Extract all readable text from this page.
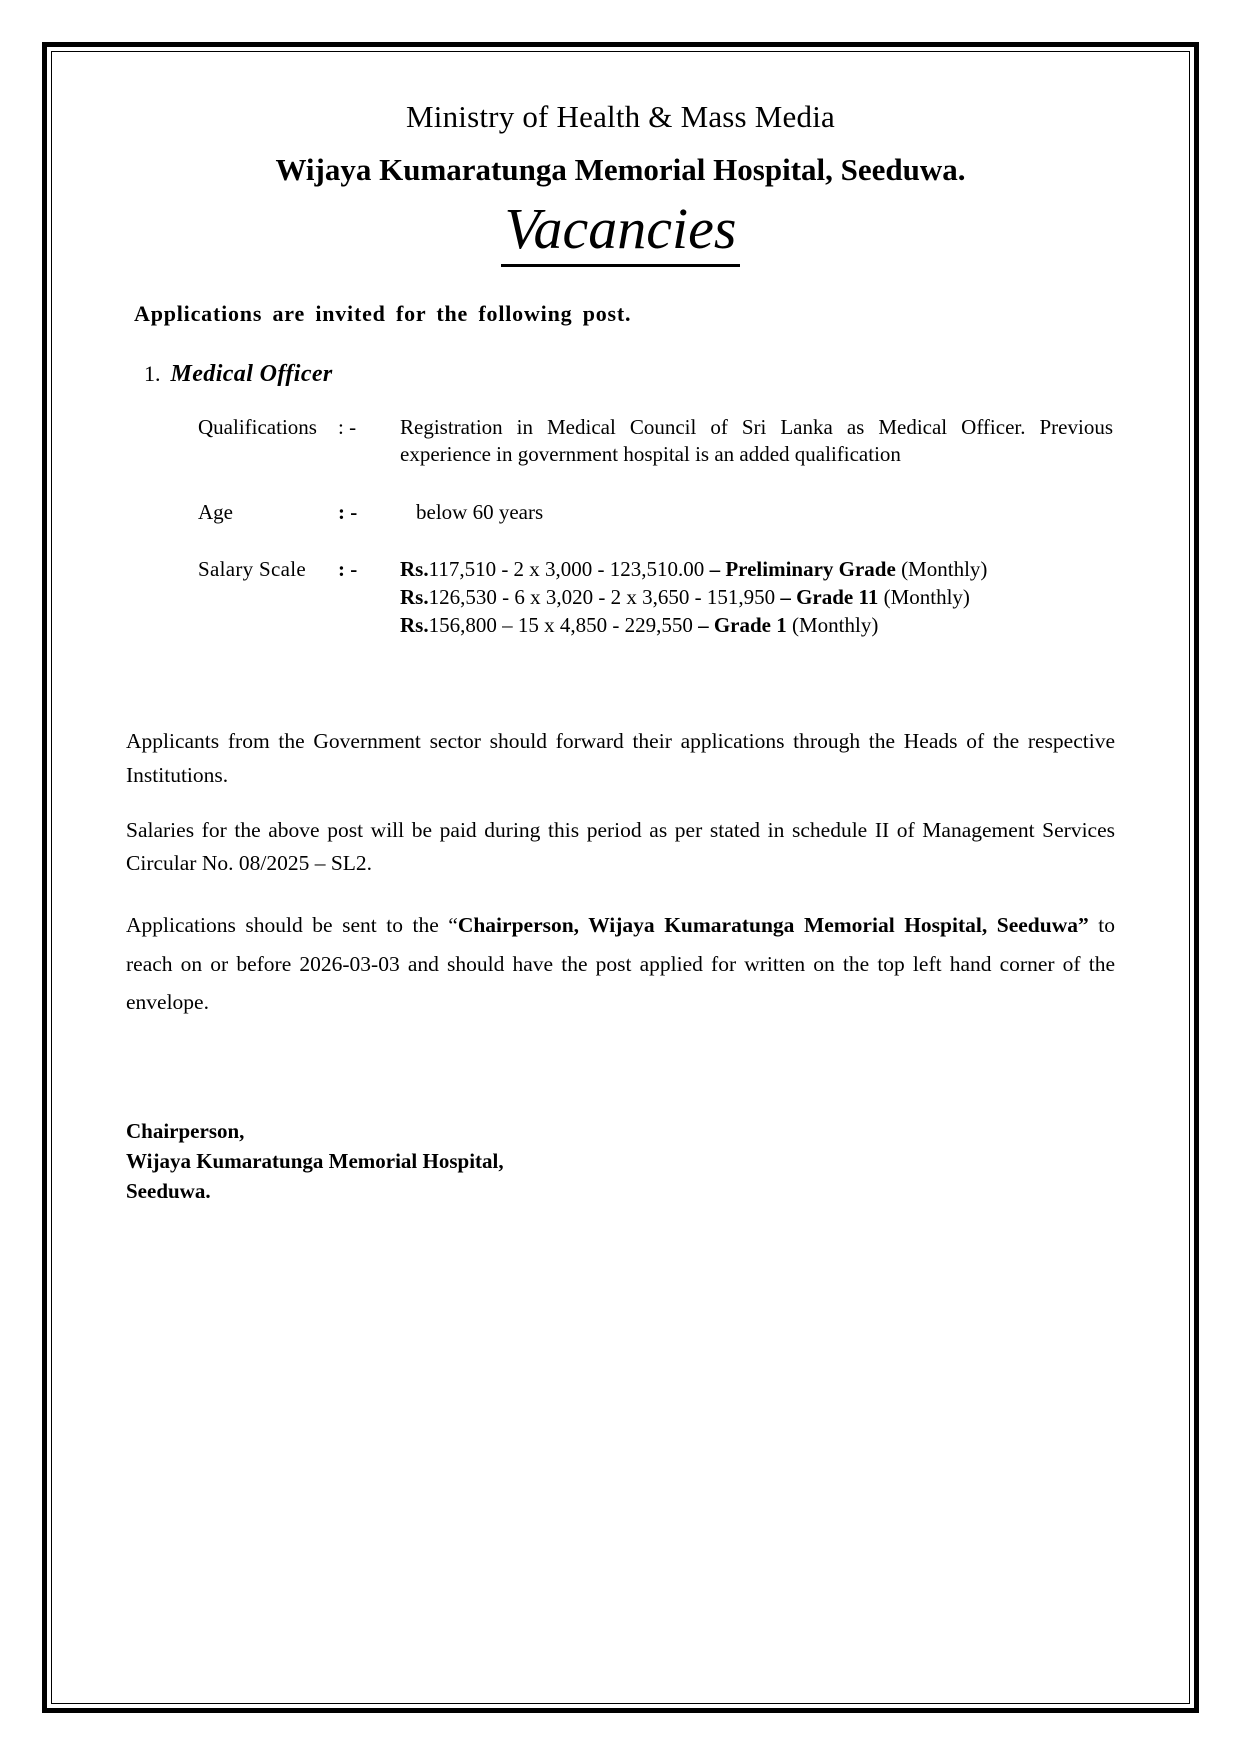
Ministry of Health & Mass Media
Wijaya Kumaratunga Memorial Hospital, Seeduwa.
Vacancies
Applications are invited for the following post.
1. Medical Officer
Qualifications	: -	Registration in Medical Council of Sri Lanka as Medical Officer. Previous experience in government hospital is an added qualification
Age	: -	below 60 years
Salary Scale	: -	Rs.117,510 - 2 x 3,000 - 123,510.00 – Preliminary Grade (Monthly)
Rs.126,530 - 6 x 3,020 - 2 x 3,650 - 151,950 – Grade 11 (Monthly)
Rs.156,800 – 15 x 4,850 - 229,550 – Grade 1 (Monthly)
Applicants from the Government sector should forward their applications through the Heads of the respective Institutions.
Salaries for the above post will be paid during this period as per stated in schedule II of Management Services Circular No. 08/2025 – SL2.
Applications should be sent to the “Chairperson, Wijaya Kumaratunga Memorial Hospital, Seeduwa” to reach on or before 2026-03-03 and should have the post applied for written on the top left hand corner of the envelope.
Chairperson,
Wijaya Kumaratunga Memorial Hospital,
Seeduwa.
